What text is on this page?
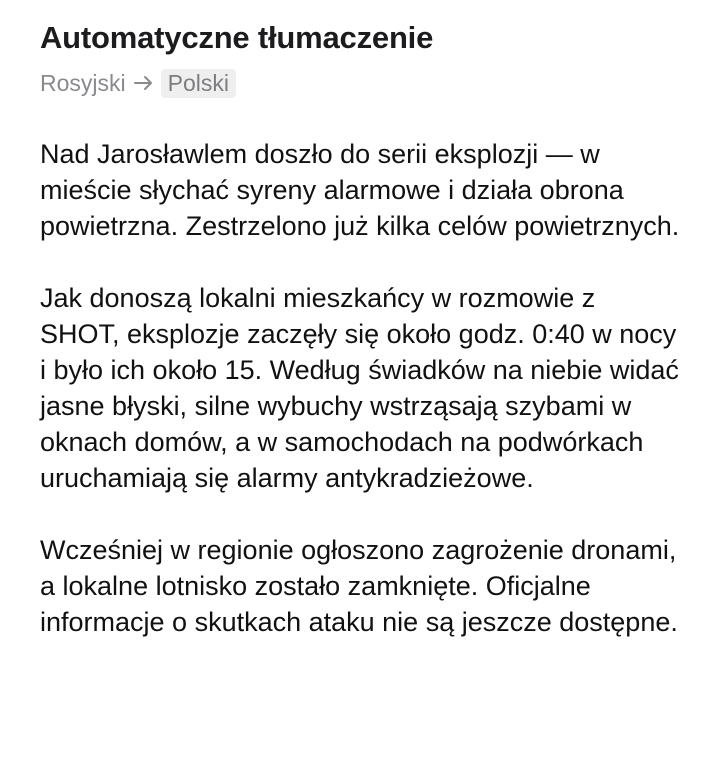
Automatyczne tłumaczenie
Rosyjski	Polski

Nad Jarosławlem doszło do serii eksplozji — w mieście słychać syreny alarmowe i działa obrona powietrzna. Zestrzelono już kilka celów powietrznych.

Jak donoszą lokalni mieszkańcy w rozmowie z SHOT, eksplozje zaczęły się około godz. 0:40 w nocy i było ich około 15. Według świadków na niebie widać jasne błyski, silne wybuchy wstrząsają szybami w oknach domów, a w samochodach na podwórkach uruchamiają się alarmy antykradzieżowe.

Wcześniej w regionie ogłoszono zagrożenie dronami, a lokalne lotnisko zostało zamknięte. Oficjalne informacje o skutkach ataku nie są jeszcze dostępne.
